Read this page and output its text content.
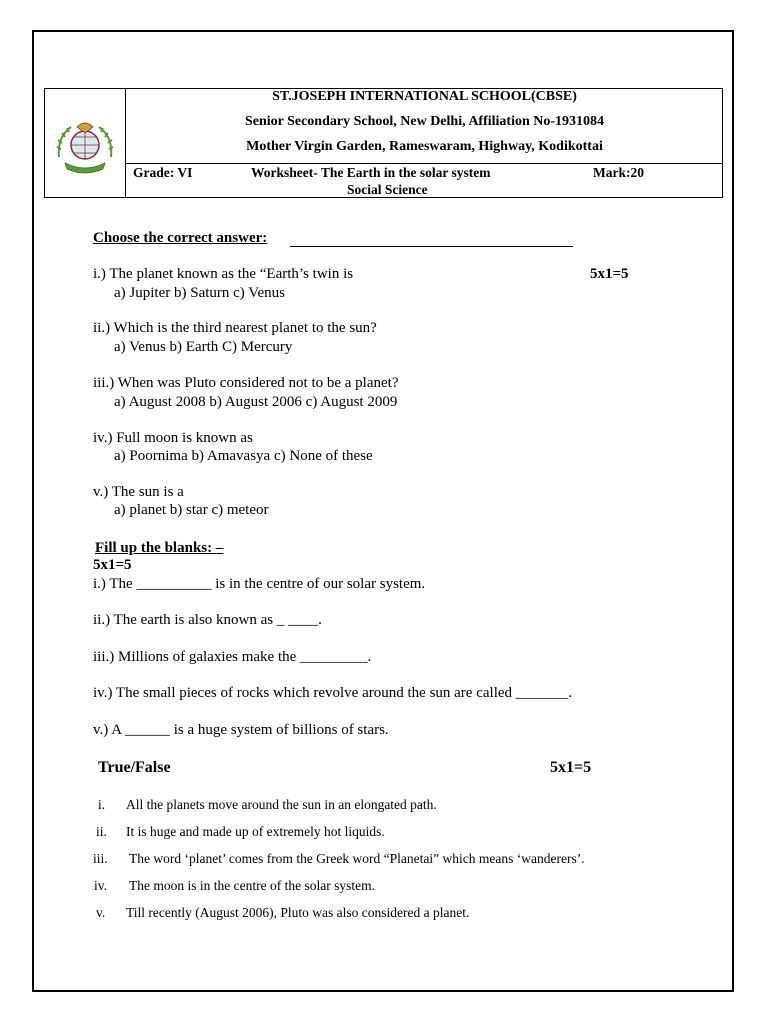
ST.JOSEPH INTERNATIONAL SCHOOL(CBSE)
Senior Secondary School, New Delhi, Affiliation No-1931084
Mother Virgin Garden, Rameswaram, Highway, Kodikottai
Grade: VI	Worksheet- The Earth in the solar system
Social Science
Mark:20
Choose the correct answer:
5x1=5
i.) The planet known as the “Earth’s twin is
a) Jupiter b) Saturn c) Venus
ii.) Which is the third nearest planet to the sun?
a) Venus b) Earth C) Mercury
iii.) When was Pluto considered not to be a planet?
a) August 2008 b) August 2006 c) August 2009
iv.) Full moon is known as
a) Poornima b) Amavasya c) None of these
v.) The sun is a
a) planet b) star c) meteor
Fill up the blanks: –
5x1=5
i.) The __________ is in the centre of our solar system.
ii.) The earth is also known as _ ____.
iii.) Millions of galaxies make the _________.
iv.) The small pieces of rocks which revolve around the sun are called _______.
v.) A ______ is a huge system of billions of stars.
True/False	5x1=5
i. All the planets move around the sun in an elongated path.
ii. It is huge and made up of extremely hot liquids.
iii. The word ‘planet’ comes from the Greek word “Planetai” which means ‘wanderers’.
iv. The moon is in the centre of the solar system.
v. Till recently (August 2006), Pluto was also considered a planet.
